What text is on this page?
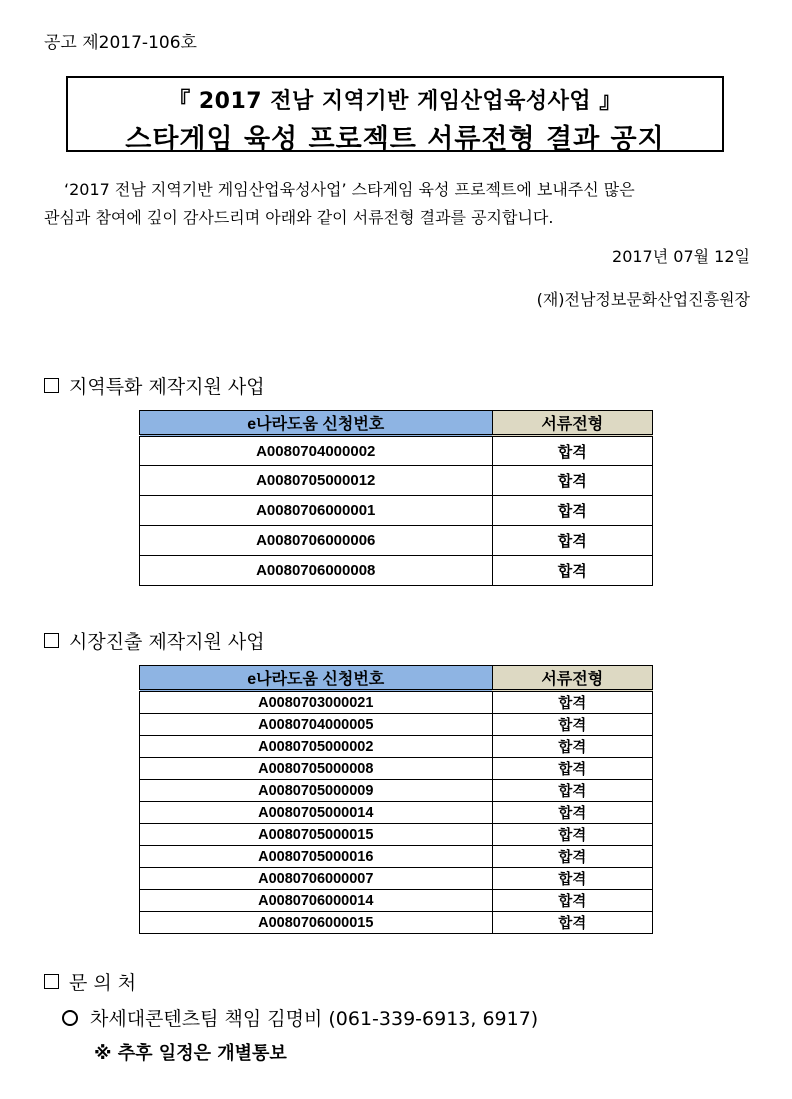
공고 제2017-106호
『 2017 전남 지역기반 게임산업육성사업 』
스타게임 육성 프로젝트 서류전형 결과 공지
‘2017 전남 지역기반 게임산업육성사업’ 스타게임 육성 프로젝트에 보내주신 많은
관심과 참여에 깊이 감사드리며 아래와 같이 서류전형 결과를 공지합니다.
2017년 07월 12일
(재)전남정보문화산업진흥원장
지역특화 제작지원 사업
e나라도움 신청번호	서류전형
A0080704000002	합격
A0080705000012	합격
A0080706000001	합격
A0080706000006	합격
A0080706000008	합격
시장진출 제작지원 사업
e나라도움 신청번호	서류전형
A0080703000021	합격
A0080704000005	합격
A0080705000002	합격
A0080705000008	합격
A0080705000009	합격
A0080705000014	합격
A0080705000015	합격
A0080705000016	합격
A0080706000007	합격
A0080706000014	합격
A0080706000015	합격
문 의 처
차세대콘텐츠팀 책임 김명비 (061-339-6913, 6917)
※ 추후 일정은 개별통보
